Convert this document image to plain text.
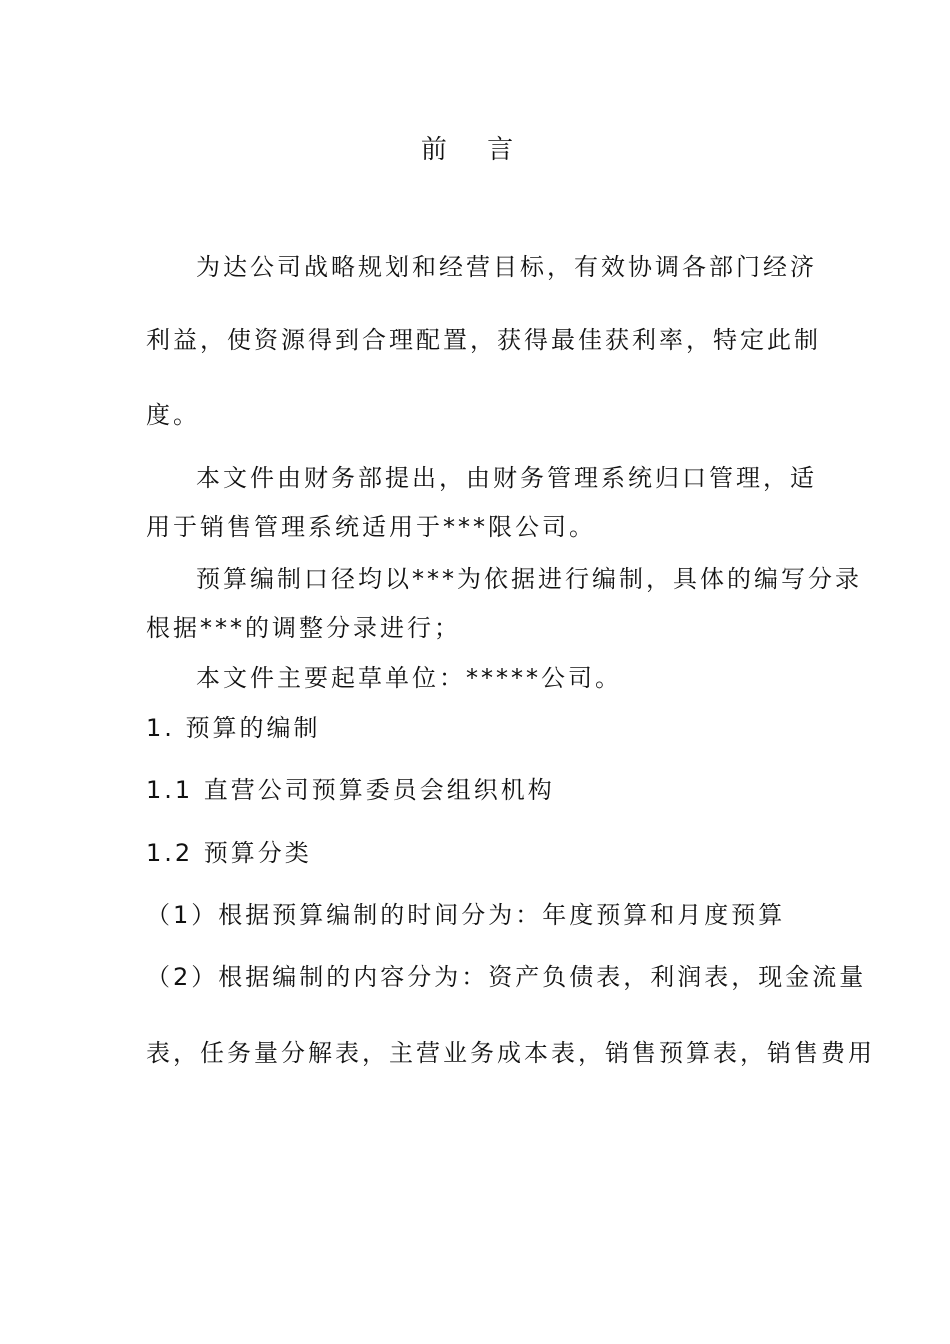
前 言
为达公司战略规划和经营目标，有效协调各部门经济
利益，使资源得到合理配置，获得最佳获利率，特定此制
度。
本文件由财务部提出，由财务管理系统归口管理，适
用于销售管理系统适用于***限公司。
预算编制口径均以***为依据进行编制，具体的编写分录
根据***的调整分录进行；
本文件主要起草单位：*****公司。
1. 预算的编制
1.1 直营公司预算委员会组织机构
1.2 预算分类
（1）根据预算编制的时间分为：年度预算和月度预算
（2）根据编制的内容分为：资产负债表，利润表，现金流量
表，任务量分解表，主营业务成本表，销售预算表，销售费用
